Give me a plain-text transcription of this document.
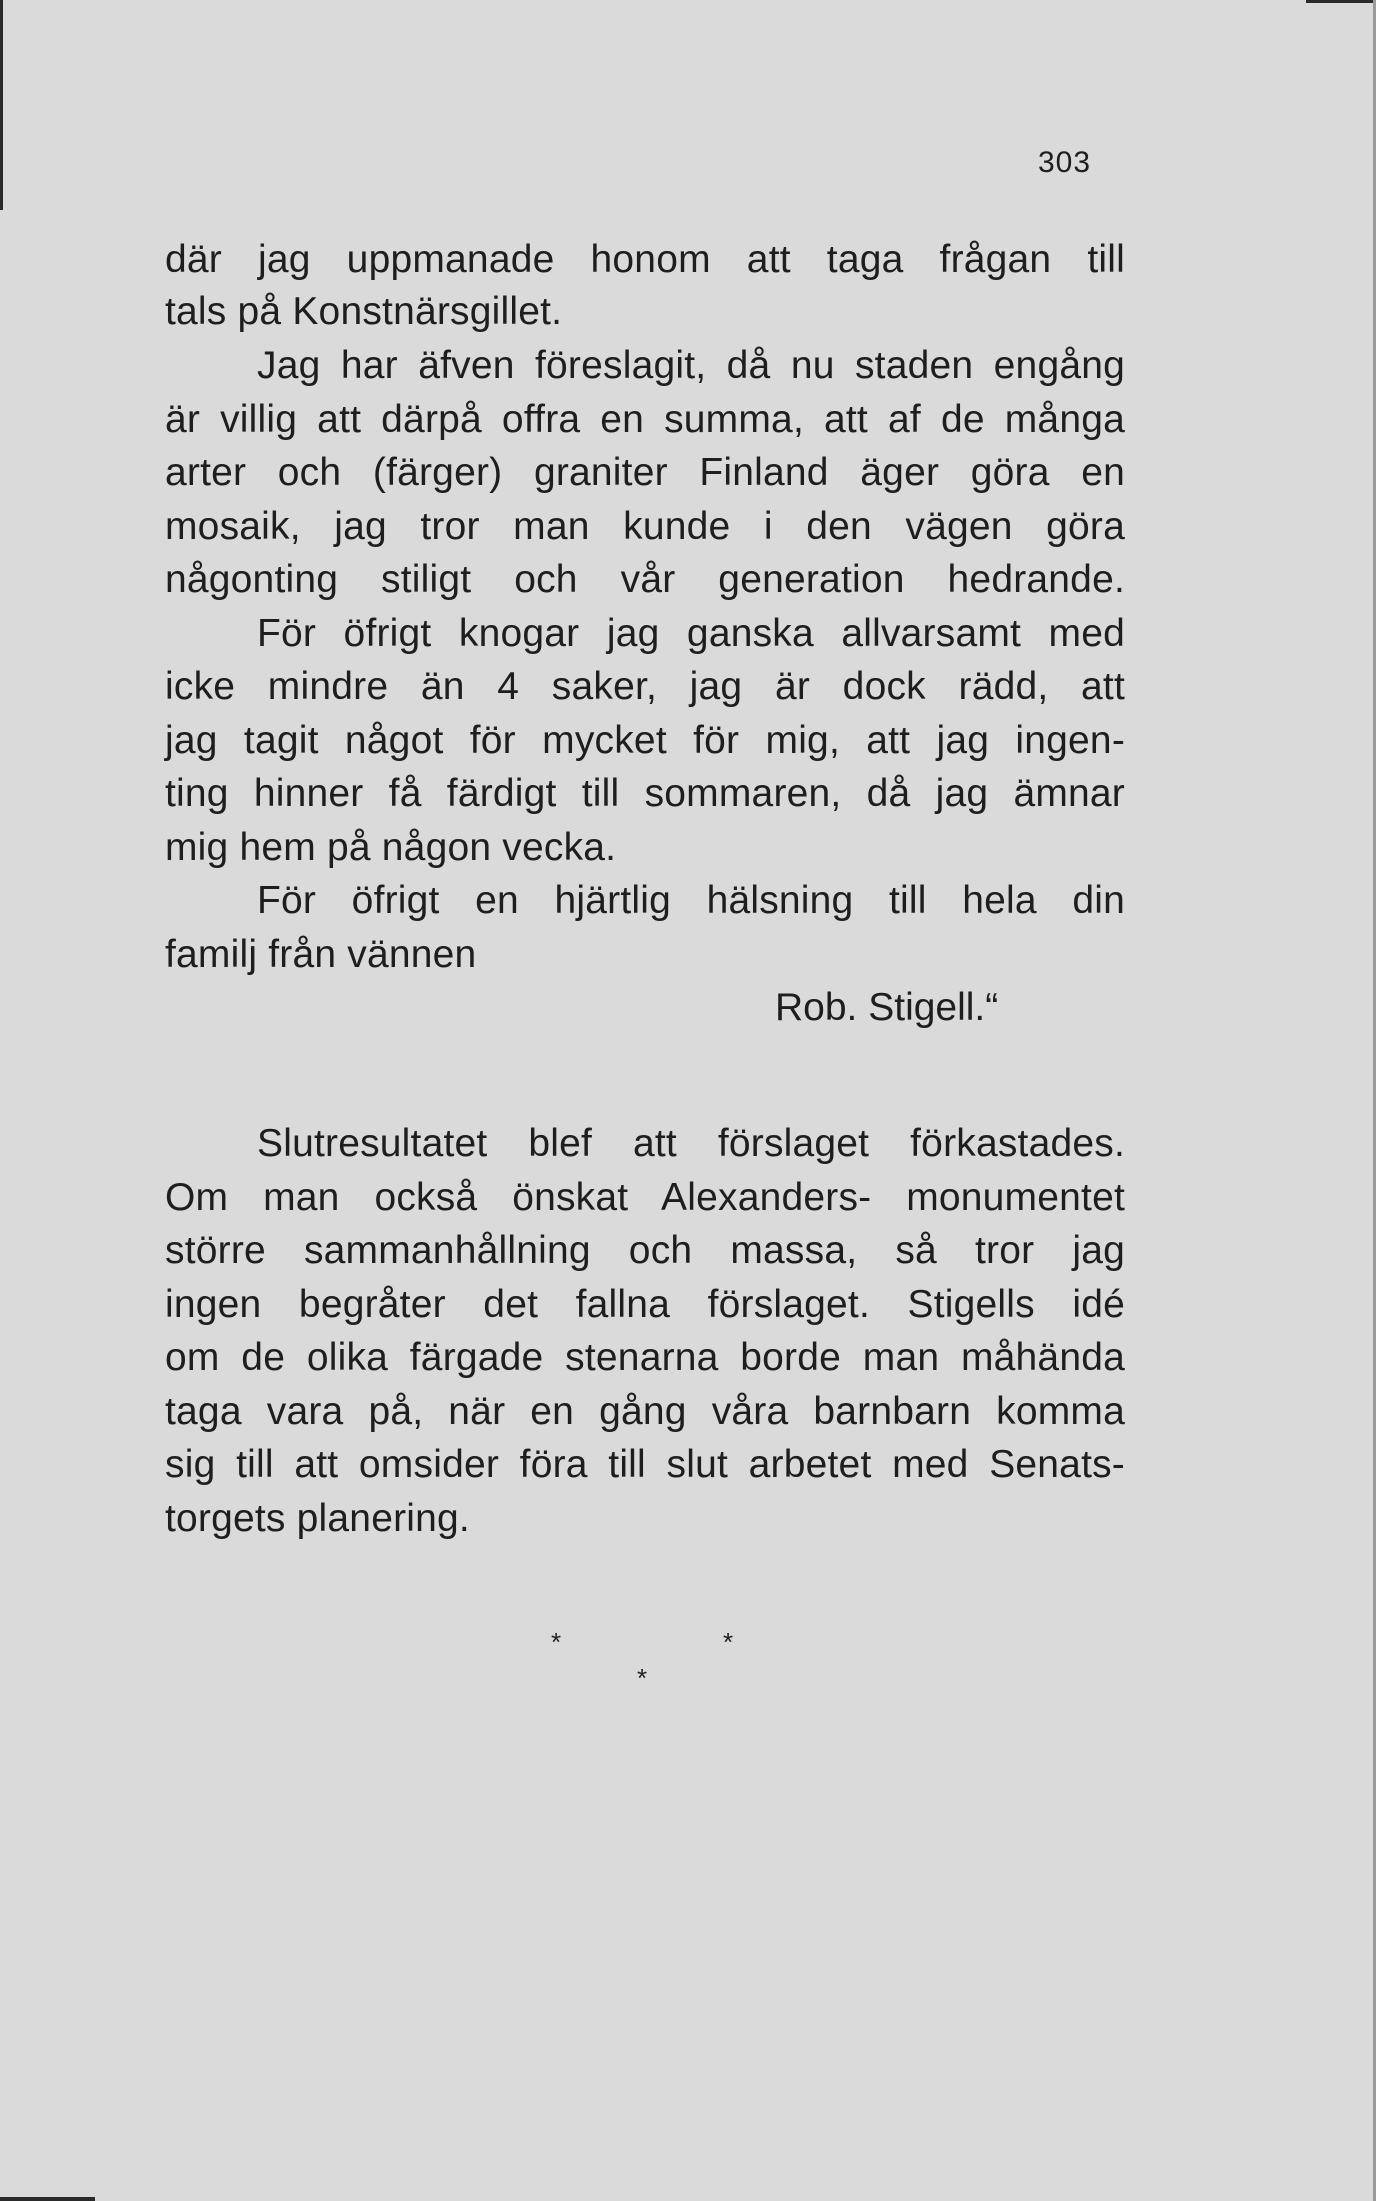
303
där jag uppmanade honom att taga frågan till
tals på Konstnärsgillet.
Jag har äfven föreslagit, då nu staden engång
är villig att därpå offra en summa, att af de många
arter och (färger) graniter Finland äger göra en
mosaik, jag tror man kunde i den vägen göra
någonting stiligt och vår generation hedrande.
För öfrigt knogar jag ganska allvarsamt med
icke mindre än 4 saker, jag är dock rädd, att
jag tagit något för mycket för mig, att jag ingen-
ting hinner få färdigt till sommaren, då jag ämnar
mig hem på någon vecka.
För öfrigt en hjärtlig hälsning till hela din
familj från vännen
Rob. Stigell.“
Slutresultatet blef att förslaget förkastades.
Om man också önskat Alexanders- monumentet
större sammanhållning och massa, så tror jag
ingen begråter det fallna förslaget. Stigells idé
om de olika färgade stenarna borde man måhända
taga vara på, när en gång våra barnbarn komma
sig till att omsider föra till slut arbetet med Senats-
torgets planering.
*	*
*
